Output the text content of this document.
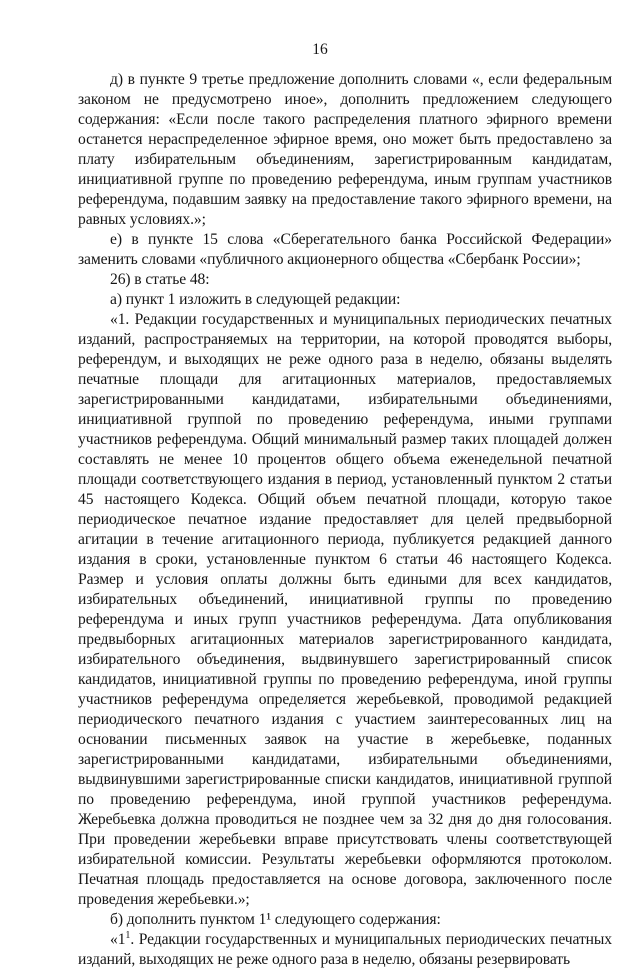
16

д) в пункте 9 третье предложение дополнить словами «, если федеральным законом не предусмотрено иное», дополнить предложением следующего содержания: «Если после такого распределения платного эфирного времени останется нераспределенное эфирное время, оно может быть предоставлено за плату избирательным объединениям, зарегистрированным кандидатам, инициативной группе по проведению референдума, иным группам участников референдума, подавшим заявку на предоставление такого эфирного времени, на равных условиях.»;

е) в пункте 15 слова «Сберегательного банка Российской Федерации» заменить словами «публичного акционерного общества «Сбербанк России»;

26) в статье 48:

а) пункт 1 изложить в следующей редакции:

«1. Редакции государственных и муниципальных периодических печатных изданий, распространяемых на территории, на которой проводятся выборы, референдум, и выходящих не реже одного раза в неделю, обязаны выделять печатные площади для агитационных материалов, предоставляемых зарегистрированными кандидатами, избирательными объединениями, инициативной группой по проведению референдума, иными группами участников референдума. Общий минимальный размер таких площадей должен составлять не менее 10 процентов общего объема еженедельной печатной площади соответствующего издания в период, установленный пунктом 2 статьи 45 настоящего Кодекса. Общий объем печатной площади, которую такое периодическое печатное издание предоставляет для целей предвыборной агитации в течение агитационного периода, публикуется редакцией данного издания в сроки, установленные пунктом 6 статьи 46 настоящего Кодекса. Размер и условия оплаты должны быть едиными для всех кандидатов, избирательных объединений, инициативной группы по проведению референдума и иных групп участников референдума. Дата опубликования предвыборных агитационных материалов зарегистрированного кандидата, избирательного объединения, выдвинувшего зарегистрированный список кандидатов, инициативной группы по проведению референдума, иной группы участников референдума определяется жеребьевкой, проводимой редакцией периодического печатного издания с участием заинтересованных лиц на основании письменных заявок на участие в жеребьевке, поданных зарегистрированными кандидатами, избирательными объединениями, выдвинувшими зарегистрированные списки кандидатов, инициативной группой по проведению референдума, иной группой участников референдума. Жеребьевка должна проводиться не позднее чем за 32 дня до дня голосования. При проведении жеребьевки вправе присутствовать члены соответствующей избирательной комиссии. Результаты жеребьевки оформляются протоколом. Печатная площадь предоставляется на основе договора, заключенного после проведения жеребьевки.»;

б) дополнить пунктом 1¹ следующего содержания:

«$1^1$. Редакции государственных и муниципальных периодических печатных изданий, выходящих не реже одного раза в неделю, обязаны резервировать
